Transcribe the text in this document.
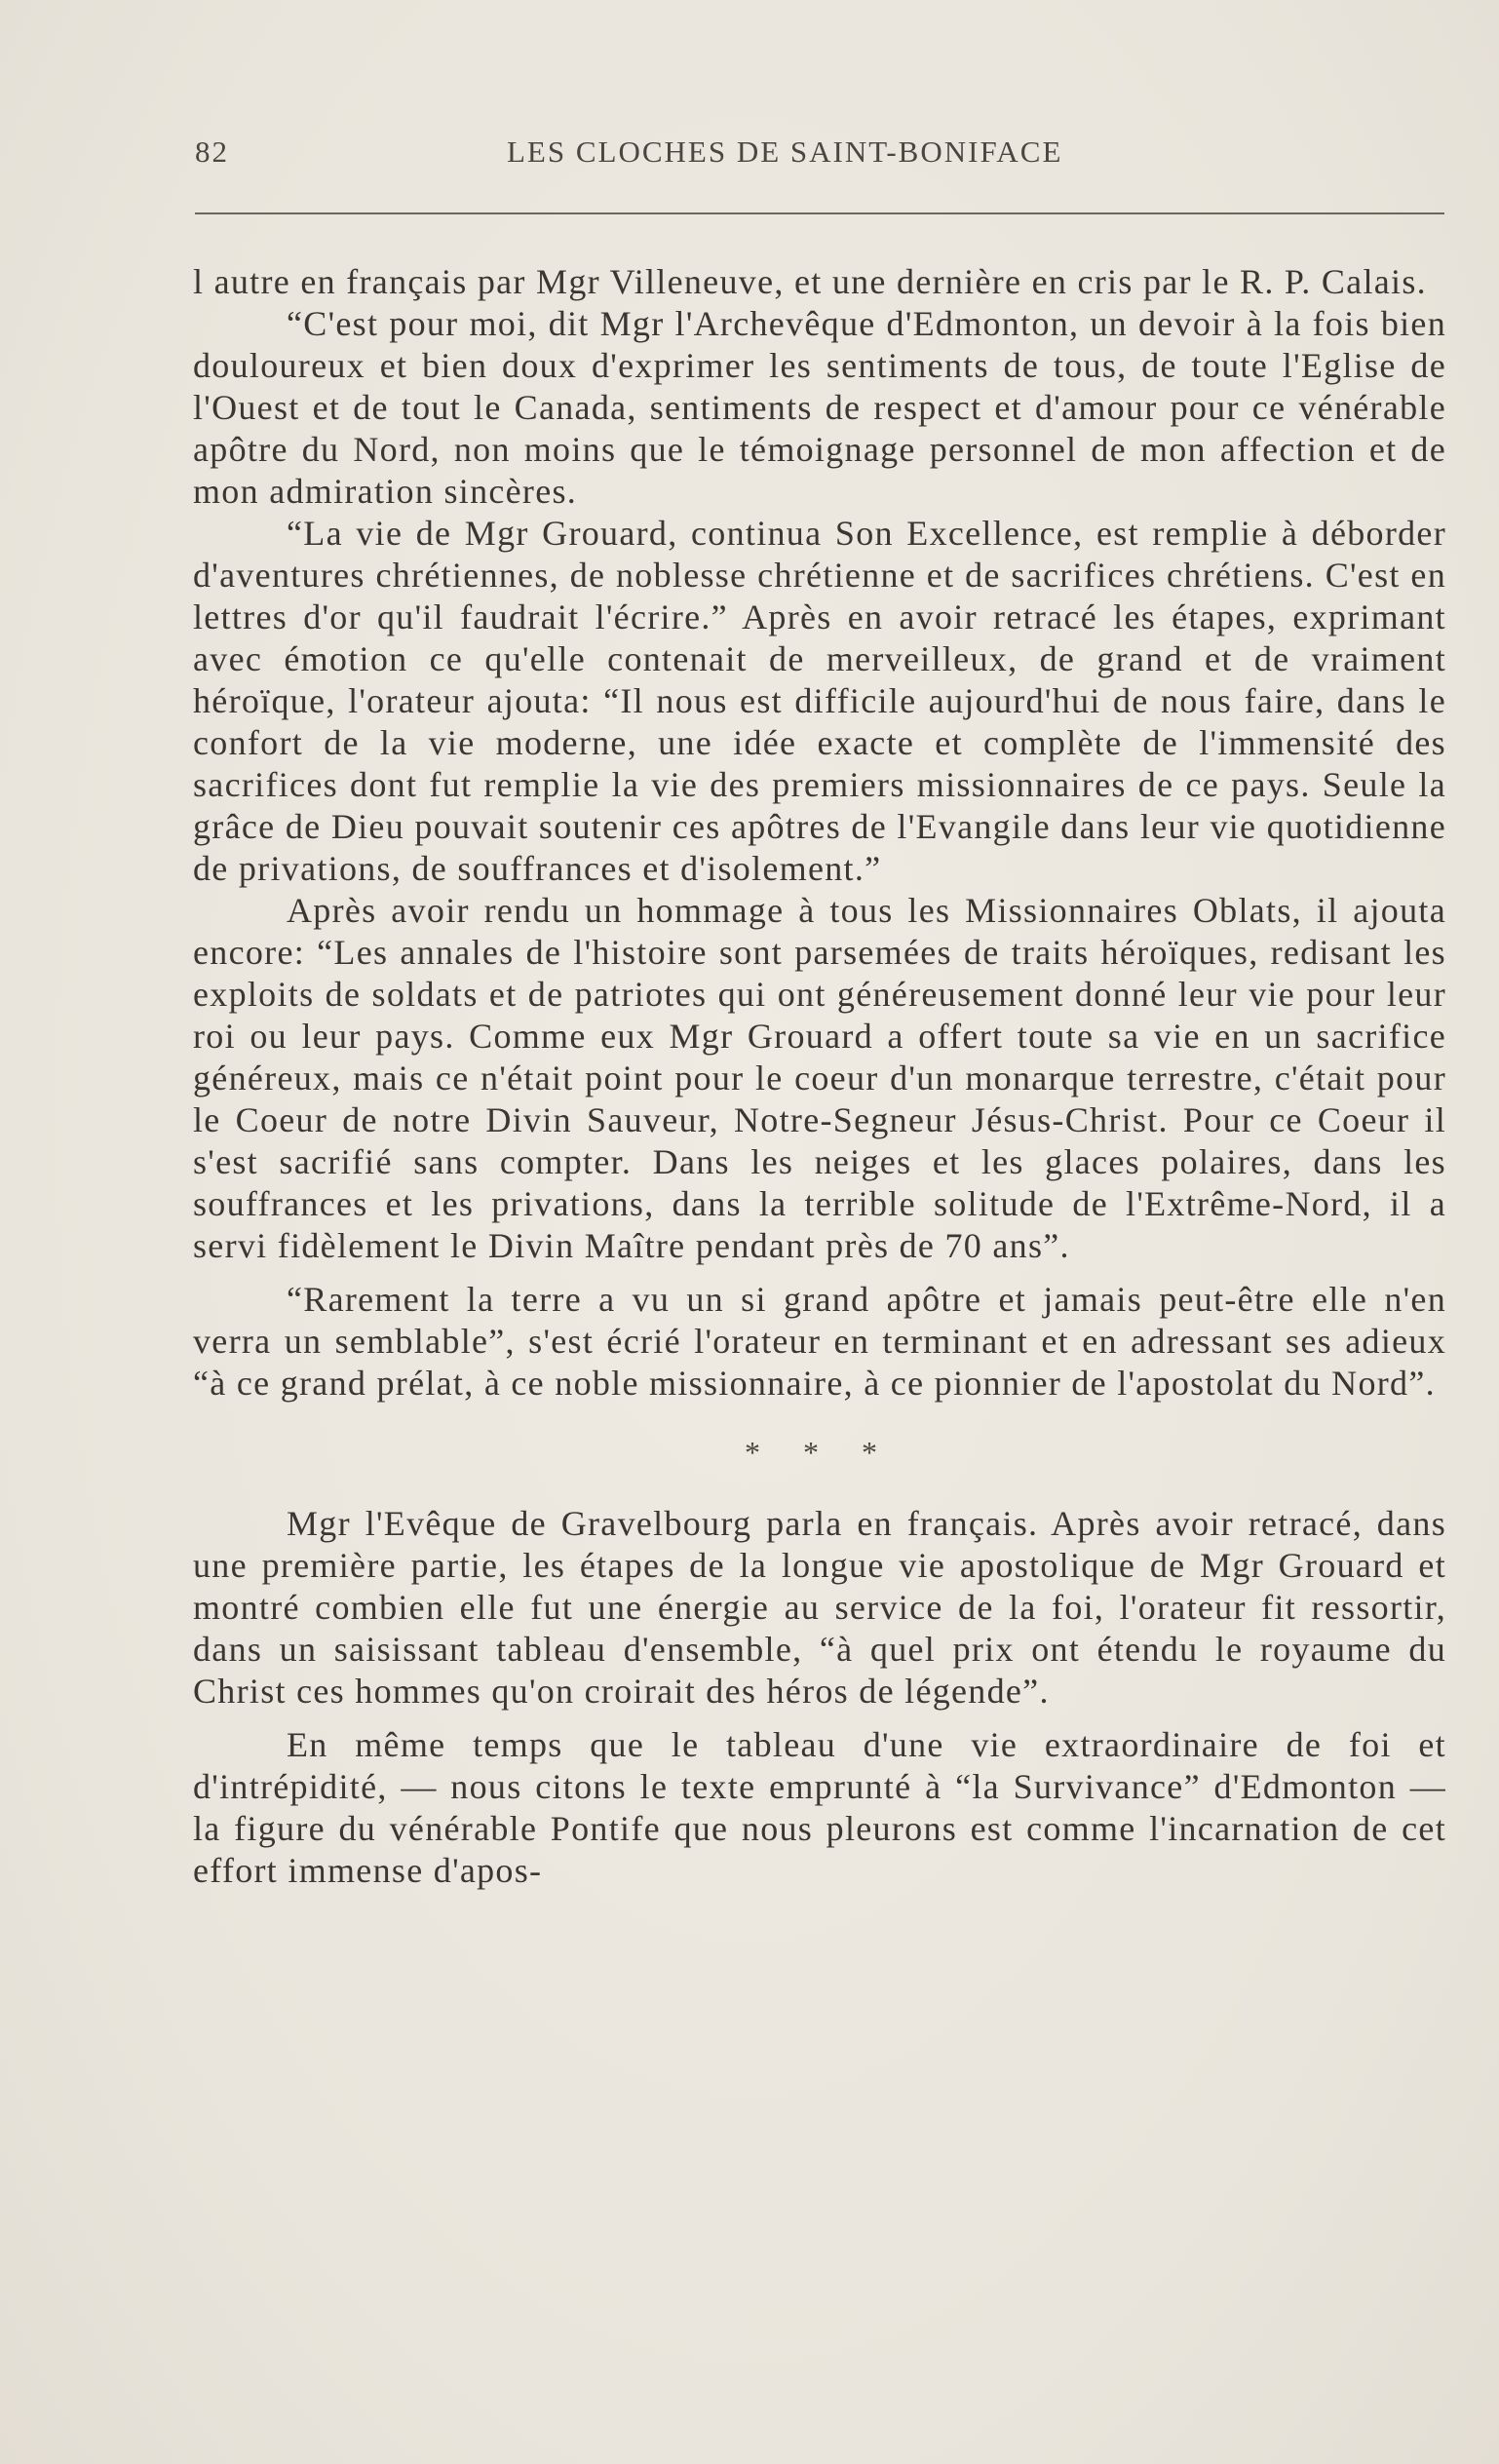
82	LES CLOCHES DE SAINT-BONIFACE

l autre en français par Mgr Villeneuve, et une dernière en cris par le R. P. Calais.

“C'est pour moi, dit Mgr l'Archevêque d'Edmonton, un devoir à la fois bien douloureux et bien doux d'exprimer les sentiments de tous, de toute l'Eglise de l'Ouest et de tout le Canada, sentiments de respect et d'amour pour ce vénérable apôtre du Nord, non moins que le témoignage personnel de mon affection et de mon admiration sincères.

“La vie de Mgr Grouard, continua Son Excellence, est remplie à déborder d'aventures chrétiennes, de noblesse chrétienne et de sacrifices chrétiens. C'est en lettres d'or qu'il faudrait l'écrire.” Après en avoir retracé les étapes, exprimant avec émotion ce qu'elle contenait de merveilleux, de grand et de vraiment héroïque, l'orateur ajouta: “Il nous est difficile aujourd'hui de nous faire, dans le confort de la vie moderne, une idée exacte et complète de l'immensité des sacrifices dont fut remplie la vie des premiers missionnaires de ce pays. Seule la grâce de Dieu pouvait soutenir ces apôtres de l'Evangile dans leur vie quotidienne de privations, de souffrances et d'isolement.”

Après avoir rendu un hommage à tous les Missionnaires Oblats, il ajouta encore: “Les annales de l'histoire sont parsemées de traits héroïques, redisant les exploits de soldats et de patriotes qui ont généreusement donné leur vie pour leur roi ou leur pays. Comme eux Mgr Grouard a offert toute sa vie en un sacrifice généreux, mais ce n'était point pour le coeur d'un monarque terrestre, c'était pour le Coeur de notre Divin Sauveur, Notre-Segneur Jésus-Christ. Pour ce Coeur il s'est sacrifié sans compter. Dans les neiges et les glaces polaires, dans les souffrances et les privations, dans la terrible solitude de l'Extrême-Nord, il a servi fidèlement le Divin Maître pendant près de 70 ans”.

“Rarement la terre a vu un si grand apôtre et jamais peut-être elle n'en verra un semblable”, s'est écrié l'orateur en terminant et en adressant ses adieux “à ce grand prélat, à ce noble missionnaire, à ce pionnier de l'apostolat du Nord”.

* * *

Mgr l'Evêque de Gravelbourg parla en français. Après avoir retracé, dans une première partie, les étapes de la longue vie apostolique de Mgr Grouard et montré combien elle fut une énergie au service de la foi, l'orateur fit ressortir, dans un saisissant tableau d'ensemble, “à quel prix ont étendu le royaume du Christ ces hommes qu'on croirait des héros de légende”.

En même temps que le tableau d'une vie extraordinaire de foi et d'intrépidité, — nous citons le texte emprunté à “la Survivance” d'Edmonton — la figure du vénérable Pontife que nous pleurons est comme l'incarnation de cet effort immense d'apos-
